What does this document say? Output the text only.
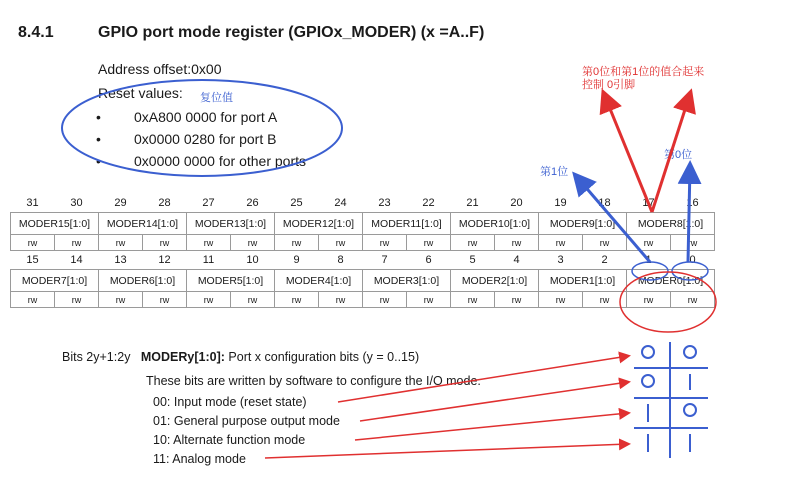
8.4.1	GPIO port mode register (GPIOx_MODER) (x =A..F)
Address offset:0x00
Reset values: 复位值
• 0xA800 0000 for port A
• 0x0000 0280 for port B
• 0x0000 0000 for other ports
第0位和第1位的值合起来
控制 0引脚
第1位
第0位
31	30	29	28	27	26	25	24	23	22	21	20	19	18	17	16
MODER15[1:0]		MODER14[1:0]		MODER13[1:0]		MODER12[1:0]		MODER11[1:0]		MODER10[1:0]		MODER9[1:0]		MODER8[1:0]	
rw	rw	rw	rw	rw	rw	rw	rw	rw	rw	rw	rw	rw	rw	rw	rw
15	14	13	12	11	10	9	8	7	6	5	4	3	2	1	0
MODER7[1:0]		MODER6[1:0]		MODER5[1:0]		MODER4[1:0]		MODER3[1:0]		MODER2[1:0]		MODER1[1:0]		MODER0[1:0]	
rw	rw	rw	rw	rw	rw	rw	rw	rw	rw	rw	rw	rw	rw	rw	rw
Bits 2y+1:2y MODERy[1:0]: Port x configuration bits (y = 0..15)
These bits are written by software to configure the I/O mode.
00: Input mode (reset state)
01: General purpose output mode
10: Alternate function mode
11: Analog mode
